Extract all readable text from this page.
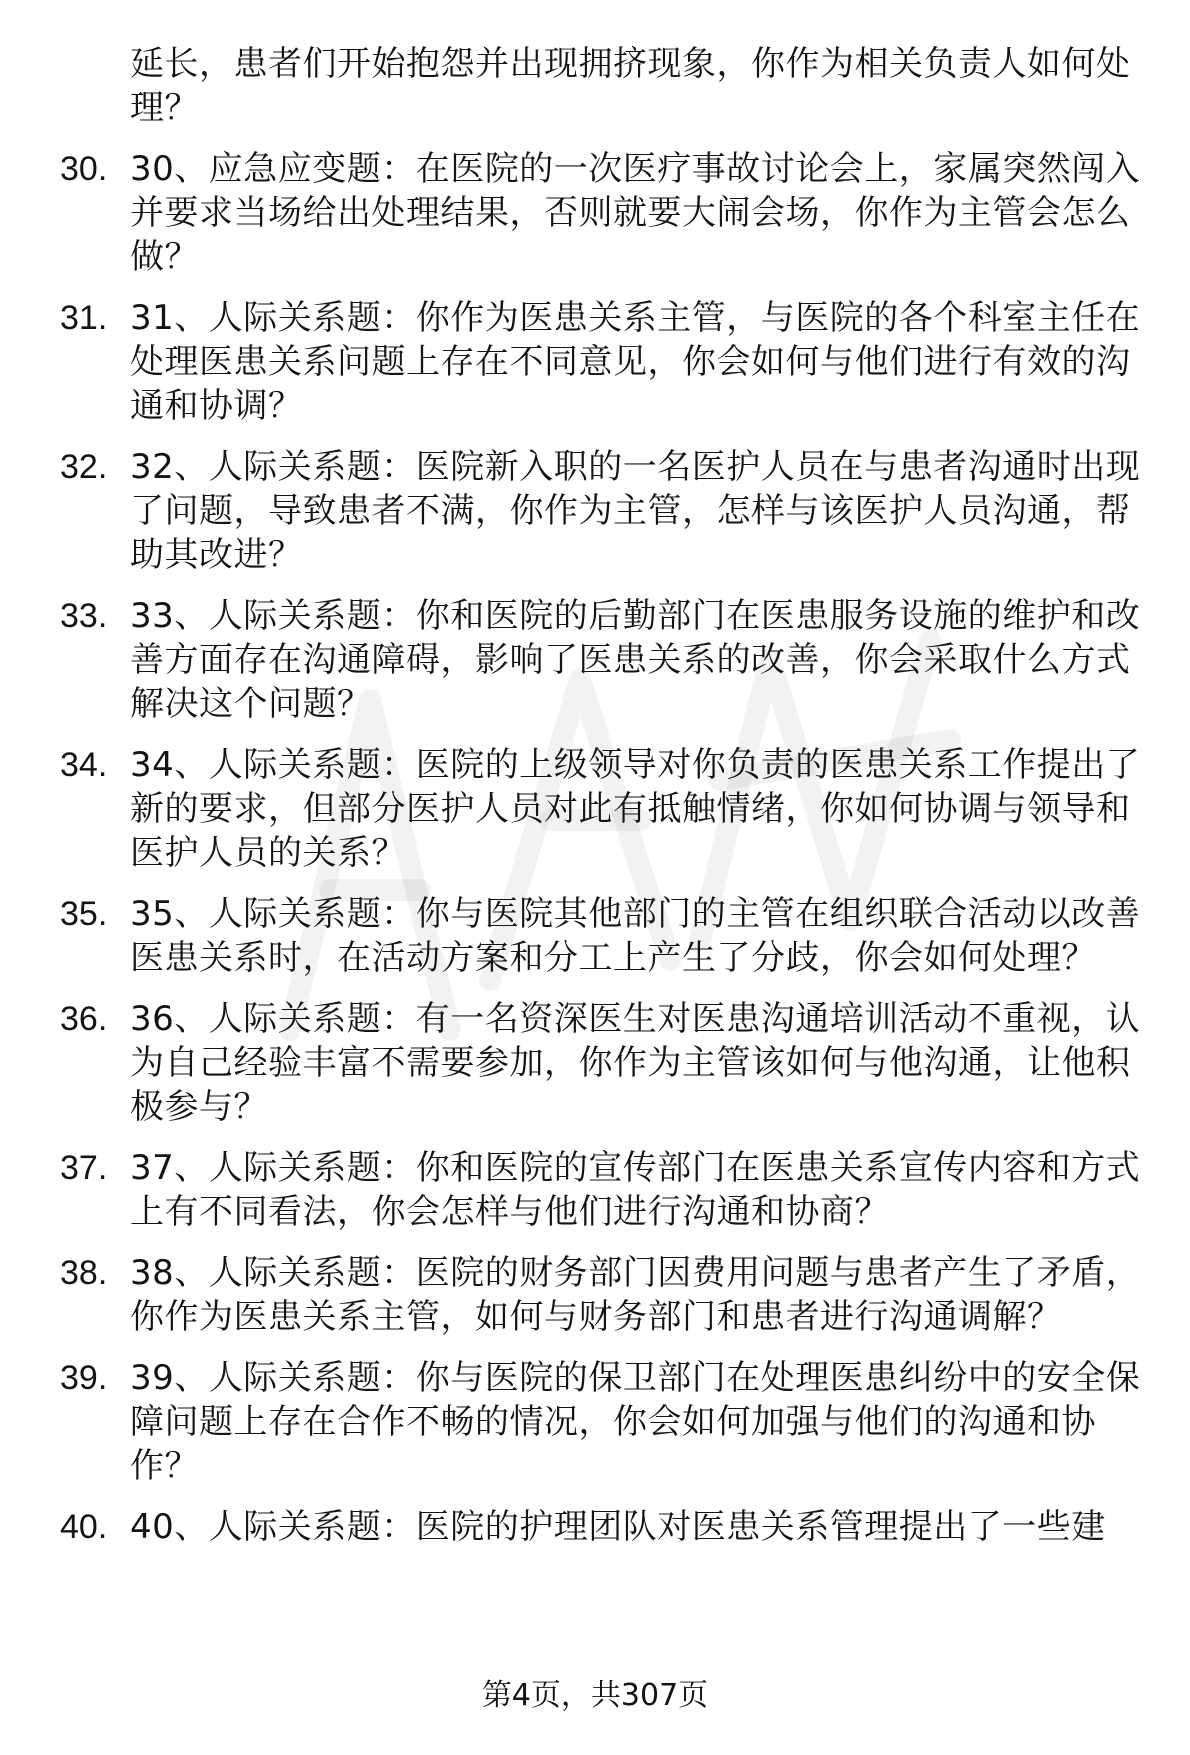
延长，患者们开始抱怨并出现拥挤现象，你作为相关负责人如何处理？
30. 30、应急应变题：在医院的一次医疗事故讨论会上，家属突然闯入并要求当场给出处理结果，否则就要大闹会场，你作为主管会怎么做？
31. 31、人际关系题：你作为医患关系主管，与医院的各个科室主任在处理医患关系问题上存在不同意见，你会如何与他们进行有效的沟通和协调？
32. 32、人际关系题：医院新入职的一名医护人员在与患者沟通时出现了问题，导致患者不满，你作为主管，怎样与该医护人员沟通，帮助其改进？
33. 33、人际关系题：你和医院的后勤部门在医患服务设施的维护和改善方面存在沟通障碍，影响了医患关系的改善，你会采取什么方式解决这个问题？
34. 34、人际关系题：医院的上级领导对你负责的医患关系工作提出了新的要求，但部分医护人员对此有抵触情绪，你如何协调与领导和医护人员的关系？
35. 35、人际关系题：你与医院其他部门的主管在组织联合活动以改善医患关系时，在活动方案和分工上产生了分歧，你会如何处理？
36. 36、人际关系题：有一名资深医生对医患沟通培训活动不重视，认为自己经验丰富不需要参加，你作为主管该如何与他沟通，让他积极参与？
37. 37、人际关系题：你和医院的宣传部门在医患关系宣传内容和方式上有不同看法，你会怎样与他们进行沟通和协商？
38. 38、人际关系题：医院的财务部门因费用问题与患者产生了矛盾，你作为医患关系主管，如何与财务部门和患者进行沟通调解？
39. 39、人际关系题：你与医院的保卫部门在处理医患纠纷中的安全保障问题上存在合作不畅的情况，你会如何加强与他们的沟通和协作？
40. 40、人际关系题：医院的护理团队对医患关系管理提出了一些建
第4页，共307页
